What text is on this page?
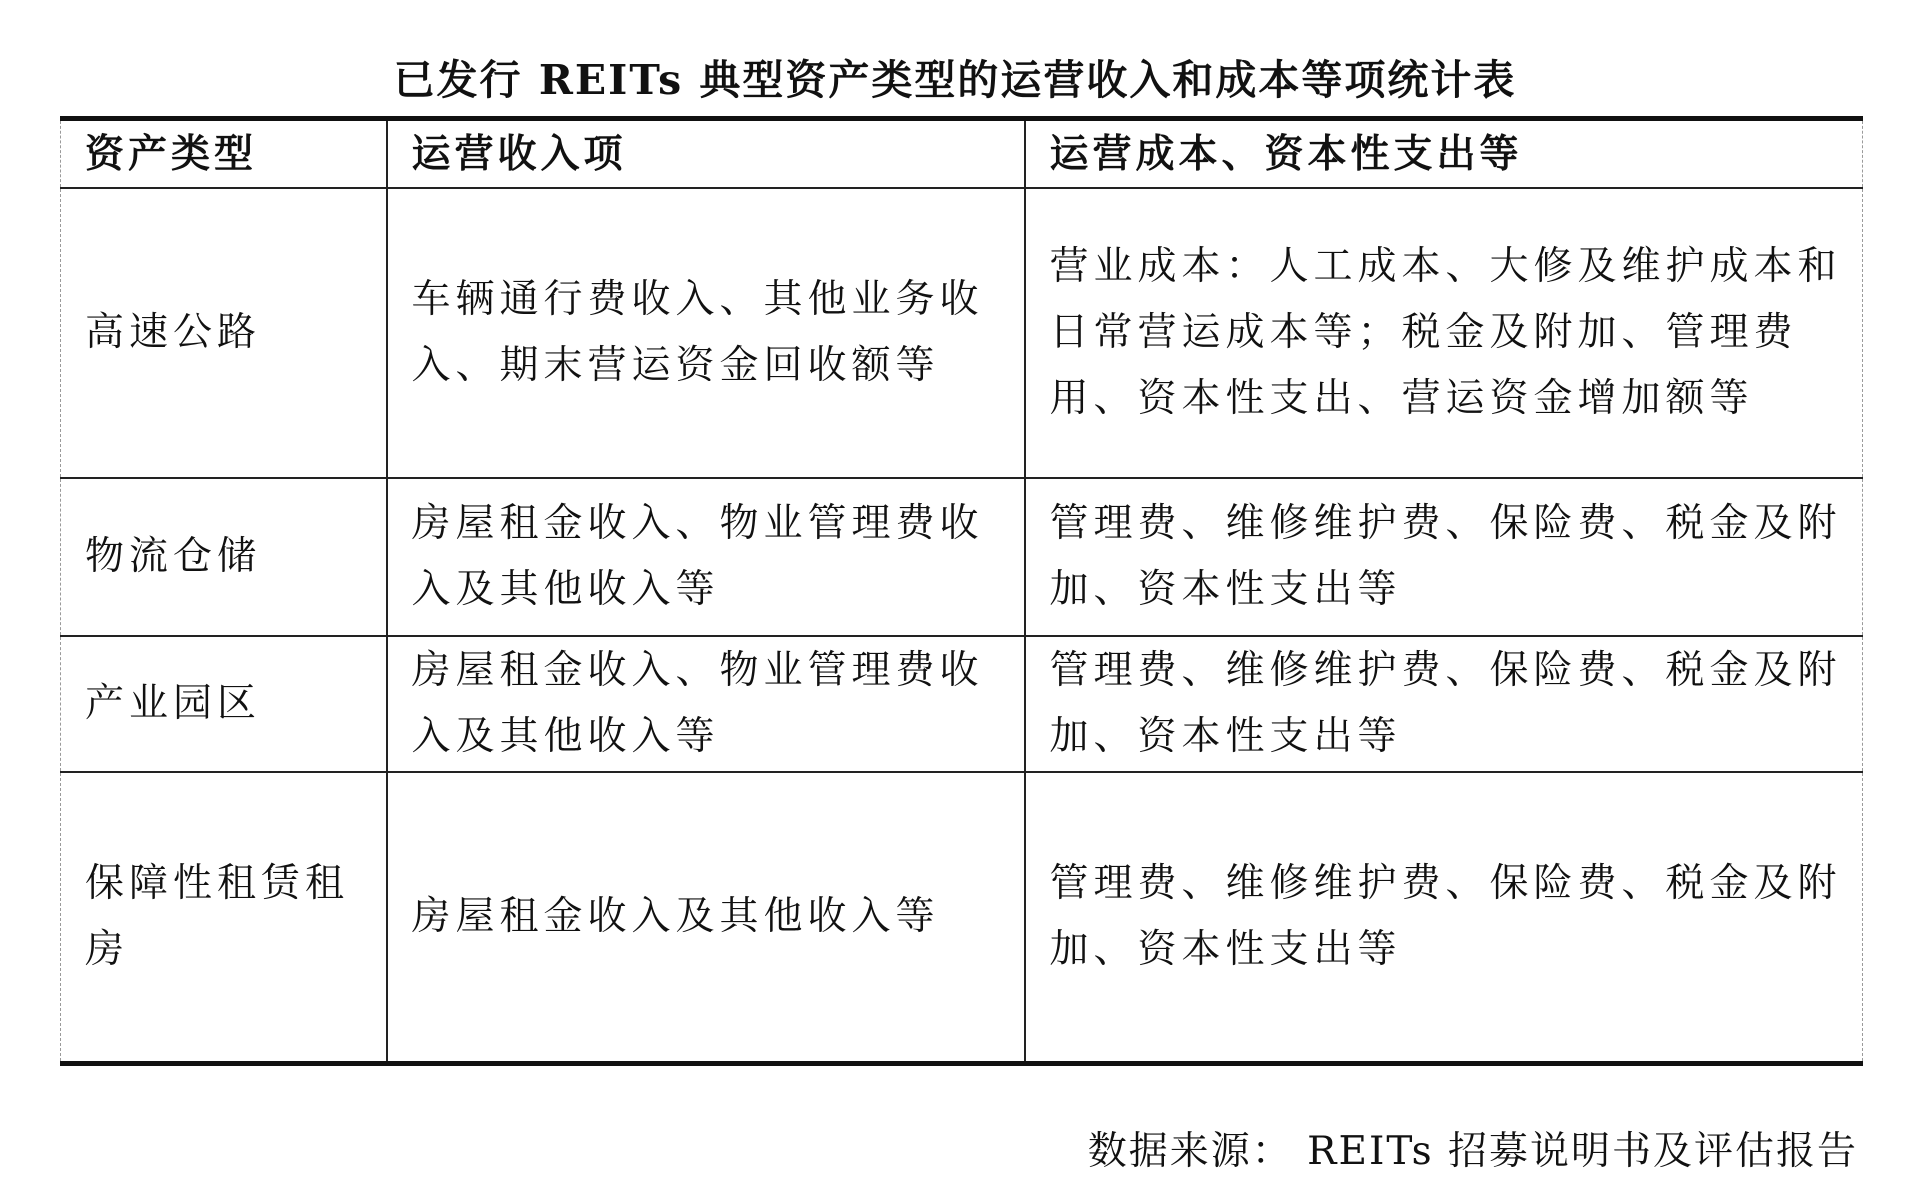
已发行 REITs 典型资产类型的运营收入和成本等项统计表
资产类型	运营收入项	运营成本、资本性支出等
高速公路	车辆通行费收入、其他业务收入、期末营运资金回收额等	营业成本：人工成本、大修及维护成本和日常营运成本等；税金及附加、管理费用、资本性支出、营运资金增加额等
物流仓储	房屋租金收入、物业管理费收入及其他收入等	管理费、维修维护费、保险费、税金及附加、资本性支出等
产业园区	房屋租金收入、物业管理费收入及其他收入等	管理费、维修维护费、保险费、税金及附加、资本性支出等
保障性租赁租房	房屋租金收入及其他收入等	管理费、维修维护费、保险费、税金及附加、资本性支出等
数据来源： REITs 招募说明书及评估报告
